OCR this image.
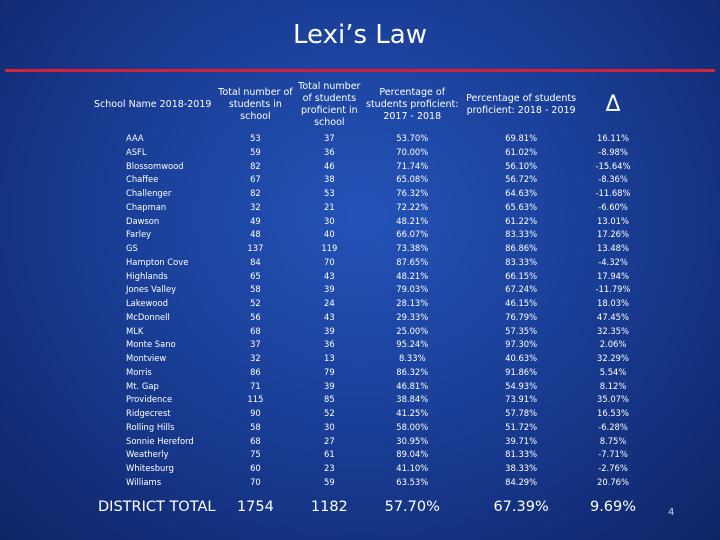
Lexi’s Law
School Name 2018-2019	Total number of students in school	Total number of students proficient in school	Percentage of students proficient: 2017 - 2018	Percentage of students proficient: 2018 - 2019	Δ
AAA	53	37	53.70%	69.81%	16.11%
ASFL	59	36	70.00%	61.02%	-8.98%
Blossomwood	82	46	71.74%	56.10%	-15.64%
Chaffee	67	38	65.08%	56.72%	-8.36%
Challenger	82	53	76.32%	64.63%	-11.68%
Chapman	32	21	72.22%	65.63%	-6.60%
Dawson	49	30	48.21%	61.22%	13.01%
Farley	48	40	66.07%	83.33%	17.26%
GS	137	119	73.38%	86.86%	13.48%
Hampton Cove	84	70	87.65%	83.33%	-4.32%
Highlands	65	43	48.21%	66.15%	17.94%
Jones Valley	58	39	79.03%	67.24%	-11.79%
Lakewood	52	24	28.13%	46.15%	18.03%
McDonnell	56	43	29.33%	76.79%	47.45%
MLK	68	39	25.00%	57.35%	32.35%
Monte Sano	37	36	95.24%	97.30%	2.06%
Montview	32	13	8.33%	40.63%	32.29%
Morris	86	79	86.32%	91.86%	5.54%
Mt. Gap	71	39	46.81%	54.93%	8.12%
Providence	115	85	38.84%	73.91%	35.07%
Ridgecrest	90	52	41.25%	57.78%	16.53%
Rolling Hills	58	30	58.00%	51.72%	-6.28%
Sonnie Hereford	68	27	30.95%	39.71%	8.75%
Weatherly	75	61	89.04%	81.33%	-7.71%
Whitesburg	60	23	41.10%	38.33%	-2.76%
Williams	70	59	63.53%	84.29%	20.76%
DISTRICT TOTAL	1754	1182	57.70%	67.39%	9.69%	4
